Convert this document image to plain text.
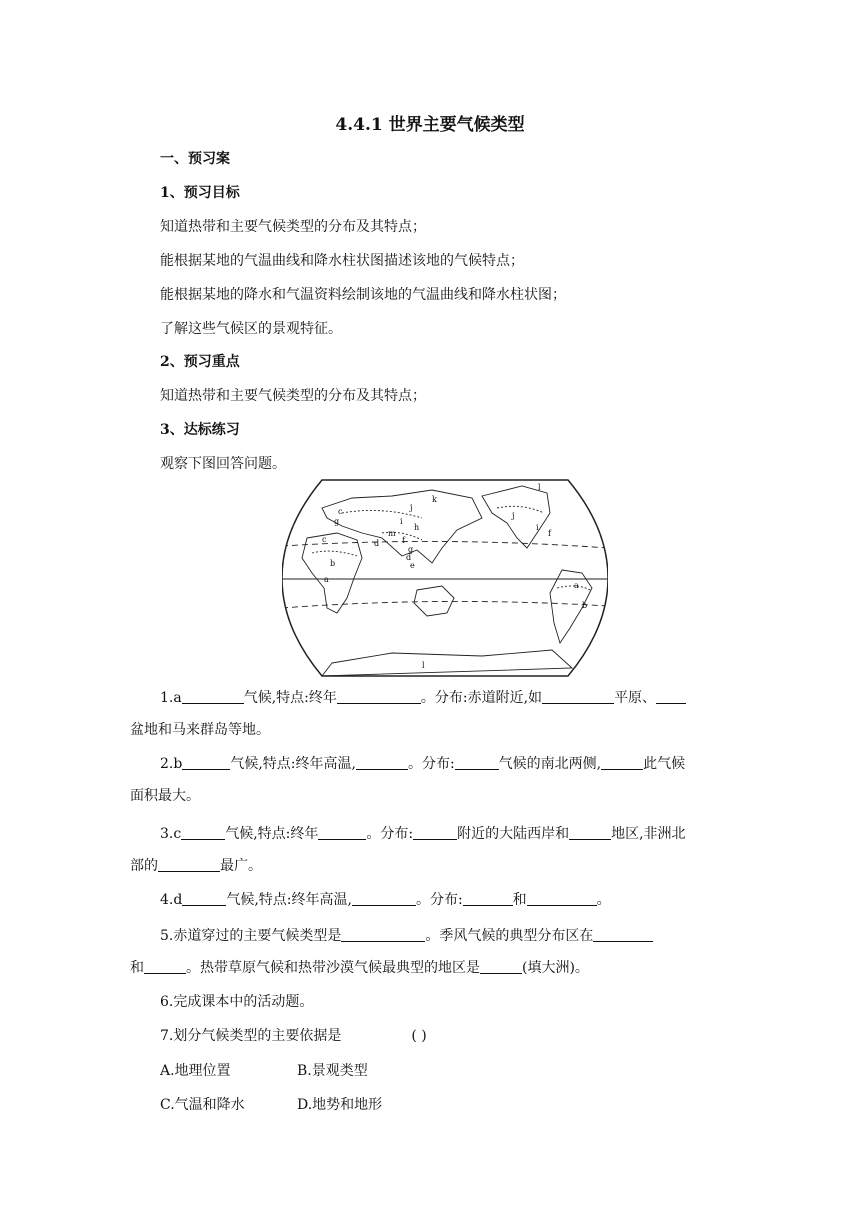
4.4.1 世界主要气候类型
一、预习案
1、预习目标
知道热带和主要气候类型的分布及其特点；
能根据某地的气温曲线和降水柱状图描述该地的气候特点；
能根据某地的降水和气温资料绘制该地的气温曲线和降水柱状图；
了解这些气候区的景观特征。
2、预习重点
知道热带和主要气候类型的分布及其特点；
3、达标练习
观察下图回答问题。
l
k
j
i
m
d
h
f
g
d
e
c
g
c
b
a
j
i
f
a
b
l
1.a	气候,特点:终年	。分布:赤道附近,如	平原、
盆地和马来群岛等地。
2.b	气候,特点:终年高温,	。分布:	气候的南北两侧,	此气候
面积最大。
3.c	气候,特点:终年	。分布:	附近的大陆西岸和	地区,非洲北
部的	最广。
4.d	气候,特点:终年高温,	。分布:	和	。
5.赤道穿过的主要气候类型是	。季风气候的典型分布区在
和	。热带草原气候和热带沙漠气候最典型的地区是	(填大洲)。
6.完成课本中的活动题。
7.划分气候类型的主要依据是	( )
A.地理位置	B.景观类型
C.气温和降水	D.地势和地形
